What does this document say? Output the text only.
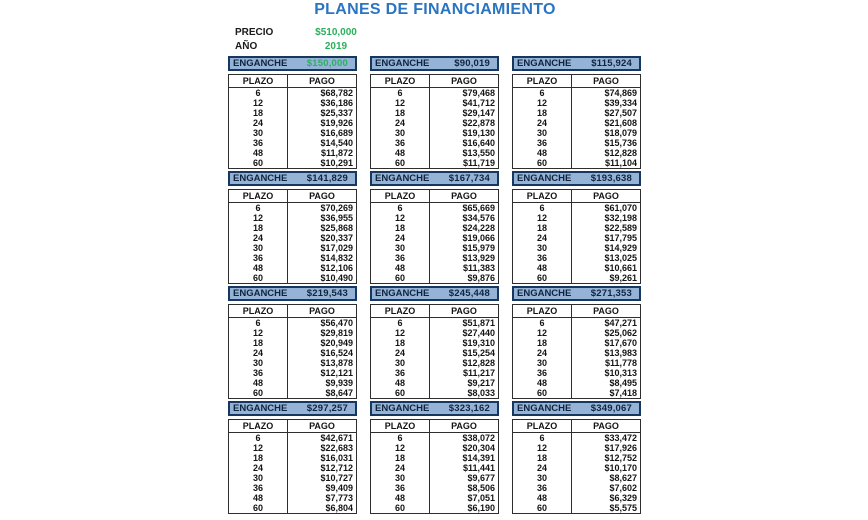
PLANES DE FINANCIAMIENTO
PRECIO	$510,000
AÑO	2019
ENGANCHE $150,000
PLAZO	PAGO
6	$68,782
12	$36,186
18	$25,337
24	$19,926
30	$16,689
36	$14,540
48	$11,872
60	$10,291
ENGANCHE	$90,019
PLAZO	PAGO
6	$79,468
12	$41,712
18	$29,147
24	$22,878
30	$19,130
36	$16,640
48	$13,550
60	$11,719
ENGANCHE $115,924
PLAZO	PAGO
6	$74,869
12	$39,334
18	$27,507
24	$21,608
30	$18,079
36	$15,736
48	$12,828
60	$11,104
ENGANCHE $141,829
PLAZO	PAGO
6	$70,269
12	$36,955
18	$25,868
24	$20,337
30	$17,029
36	$14,832
48	$12,106
60	$10,490
ENGANCHE $167,734
PLAZO	PAGO
6	$65,669
12	$34,576
18	$24,228
24	$19,066
30	$15,979
36	$13,929
48	$11,383
60	$9,876
ENGANCHE $193,638
PLAZO	PAGO
6	$61,070
12	$32,198
18	$22,589
24	$17,795
30	$14,929
36	$13,025
48	$10,661
60	$9,261
ENGANCHE $219,543
PLAZO	PAGO
6	$56,470
12	$29,819
18	$20,949
24	$16,524
30	$13,878
36	$12,121
48	$9,939
60	$8,647
ENGANCHE $245,448
PLAZO	PAGO
6	$51,871
12	$27,440
18	$19,310
24	$15,254
30	$12,828
36	$11,217
48	$9,217
60	$8,033
ENGANCHE $271,353
PLAZO	PAGO
6	$47,271
12	$25,062
18	$17,670
24	$13,983
30	$11,778
36	$10,313
48	$8,495
60	$7,418
ENGANCHE $297,257
PLAZO	PAGO
6	$42,671
12	$22,683
18	$16,031
24	$12,712
30	$10,727
36	$9,409
48	$7,773
60	$6,804
ENGANCHE $323,162
PLAZO	PAGO
6	$38,072
12	$20,304
18	$14,391
24	$11,441
30	$9,677
36	$8,506
48	$7,051
60	$6,190
ENGANCHE $349,067
PLAZO	PAGO
6	$33,472
12	$17,926
18	$12,752
24	$10,170
30	$8,627
36	$7,602
48	$6,329
60	$5,575
